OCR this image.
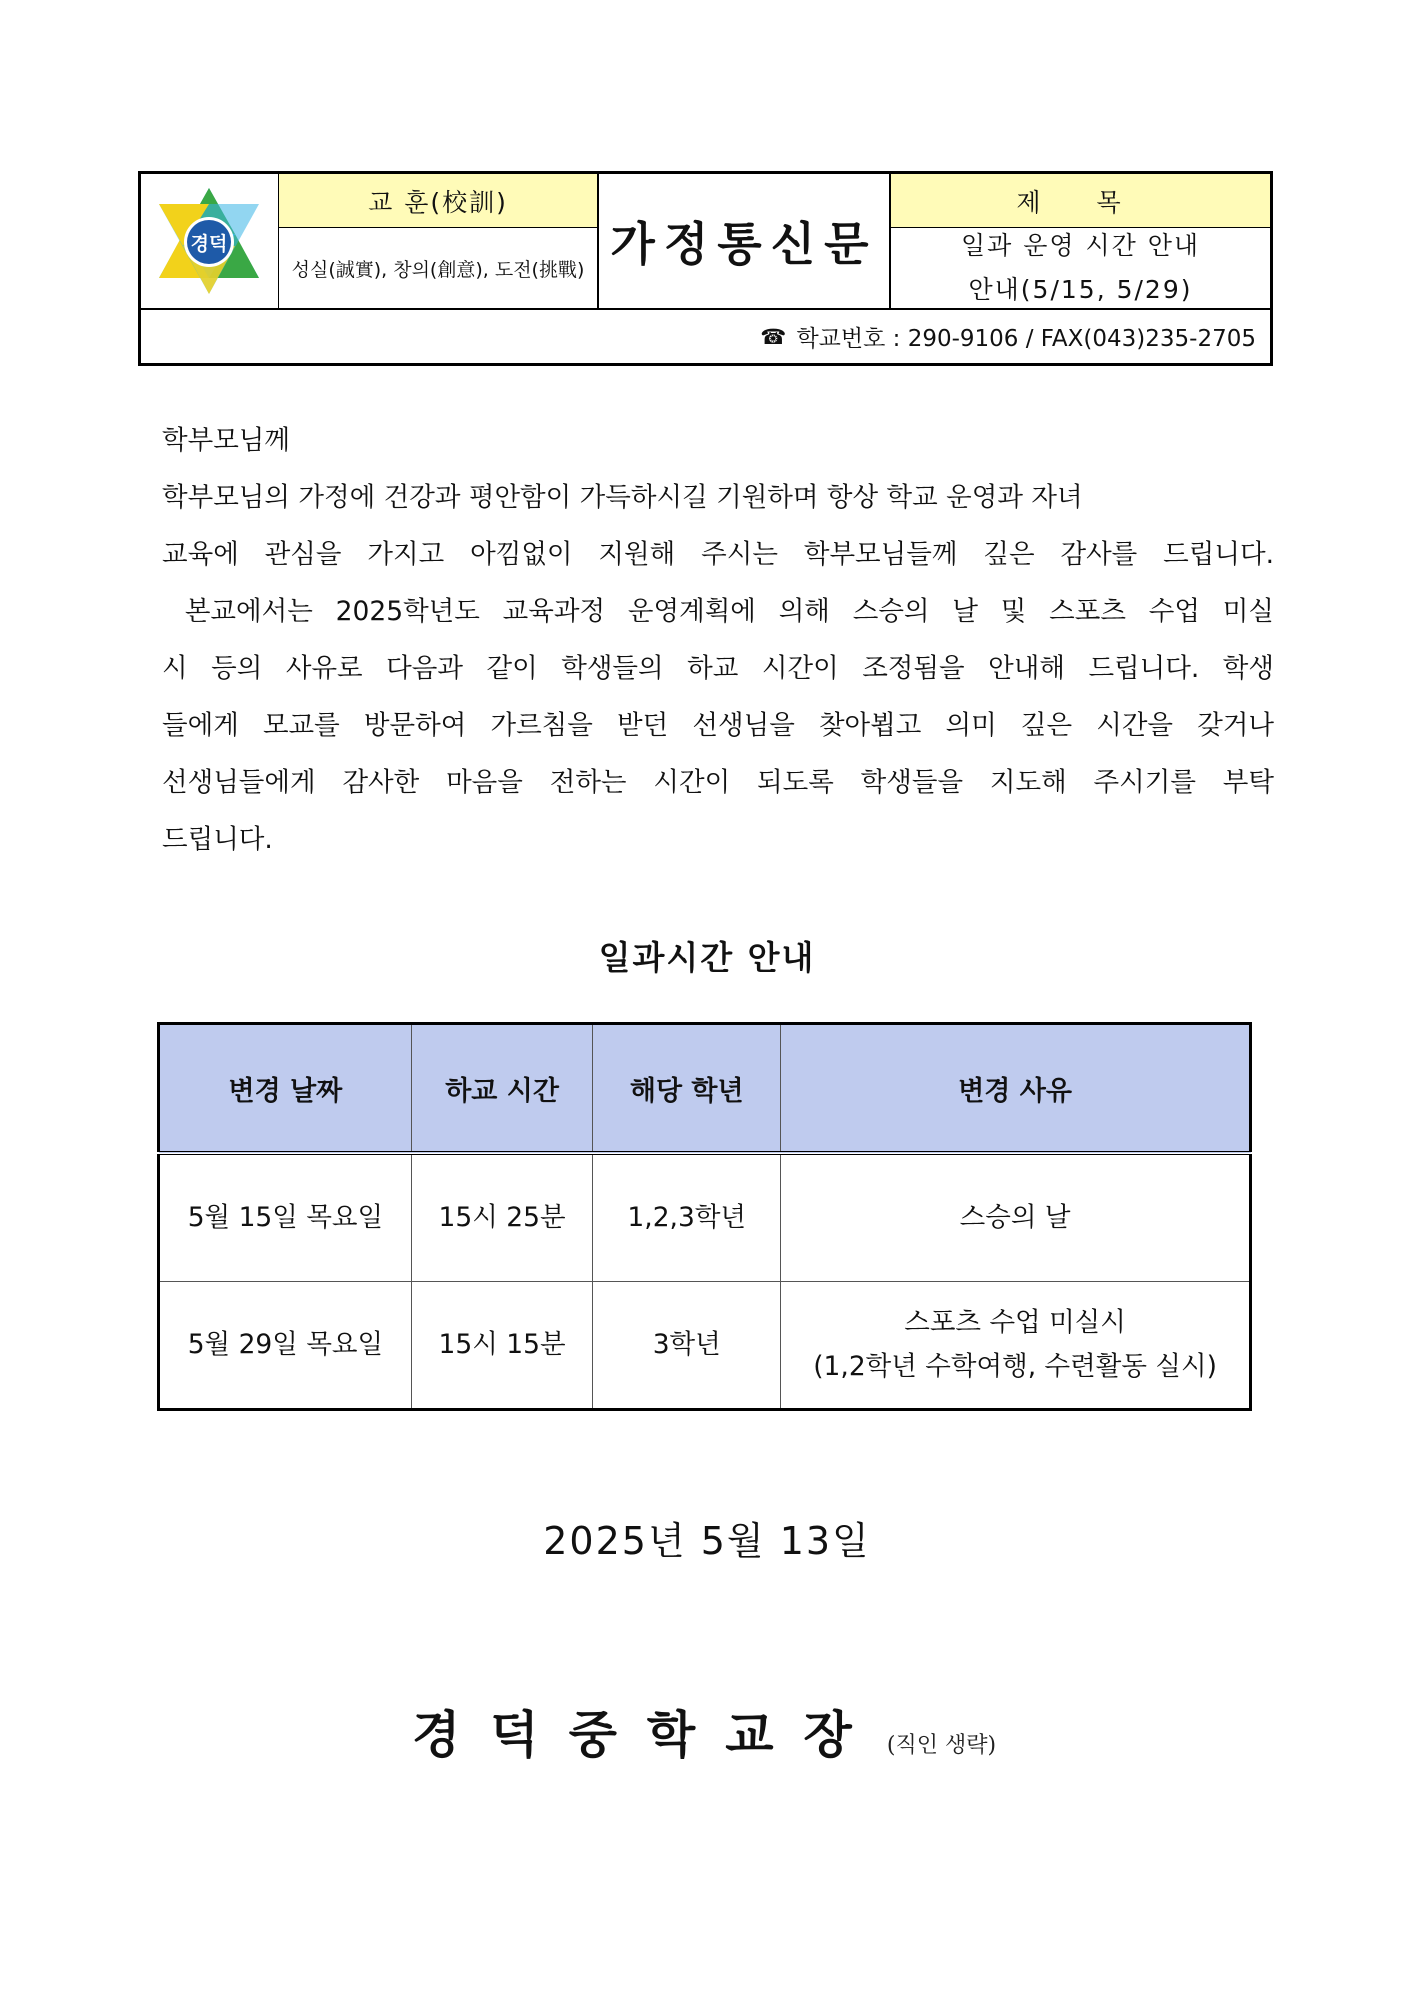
경덕
교 훈(校訓)
성실(誠實), 창의(創意), 도전(挑戰) 가정통신문
제 목
일과 운영 시간 안내
안내(5/15, 5/29)
☎ 학교번호 : 290-9106 / FAX(043)235-2705

학부모님께

학부모님의 가정에 건강과 평안함이 가득하시길 기원하며 항상 학교 운영과 자녀

교육에 관심을 가지고 아낌없이 지원해 주시는 학부모님들께 깊은 감사를 드립니다.

본교에서는 2025학년도 교육과정 운영계획에 의해 스승의 날 및 스포츠 수업 미실

시 등의 사유로 다음과 같이 학생들의 하교 시간이 조정됨을 안내해 드립니다. 학생

들에게 모교를 방문하여 가르침을 받던 선생님을 찾아뵙고 의미 깊은 시간을 갖거나

선생님들에게 감사한 마음을 전하는 시간이 되도록 학생들을 지도해 주시기를 부탁

드립니다.

일과시간 안내
변경 날짜	하교 시간	해당 학년	변경 사유
5월 15일 목요일	15시 25분	1,2,3학년	스승의 날

5월 29일 목요일	15시 15분	3학년	스포츠 수업 미실시
(1,2학년 수학여행, 수련활동 실시)
2025년 5월 13일
경덕중학교장 (직인 생략)
